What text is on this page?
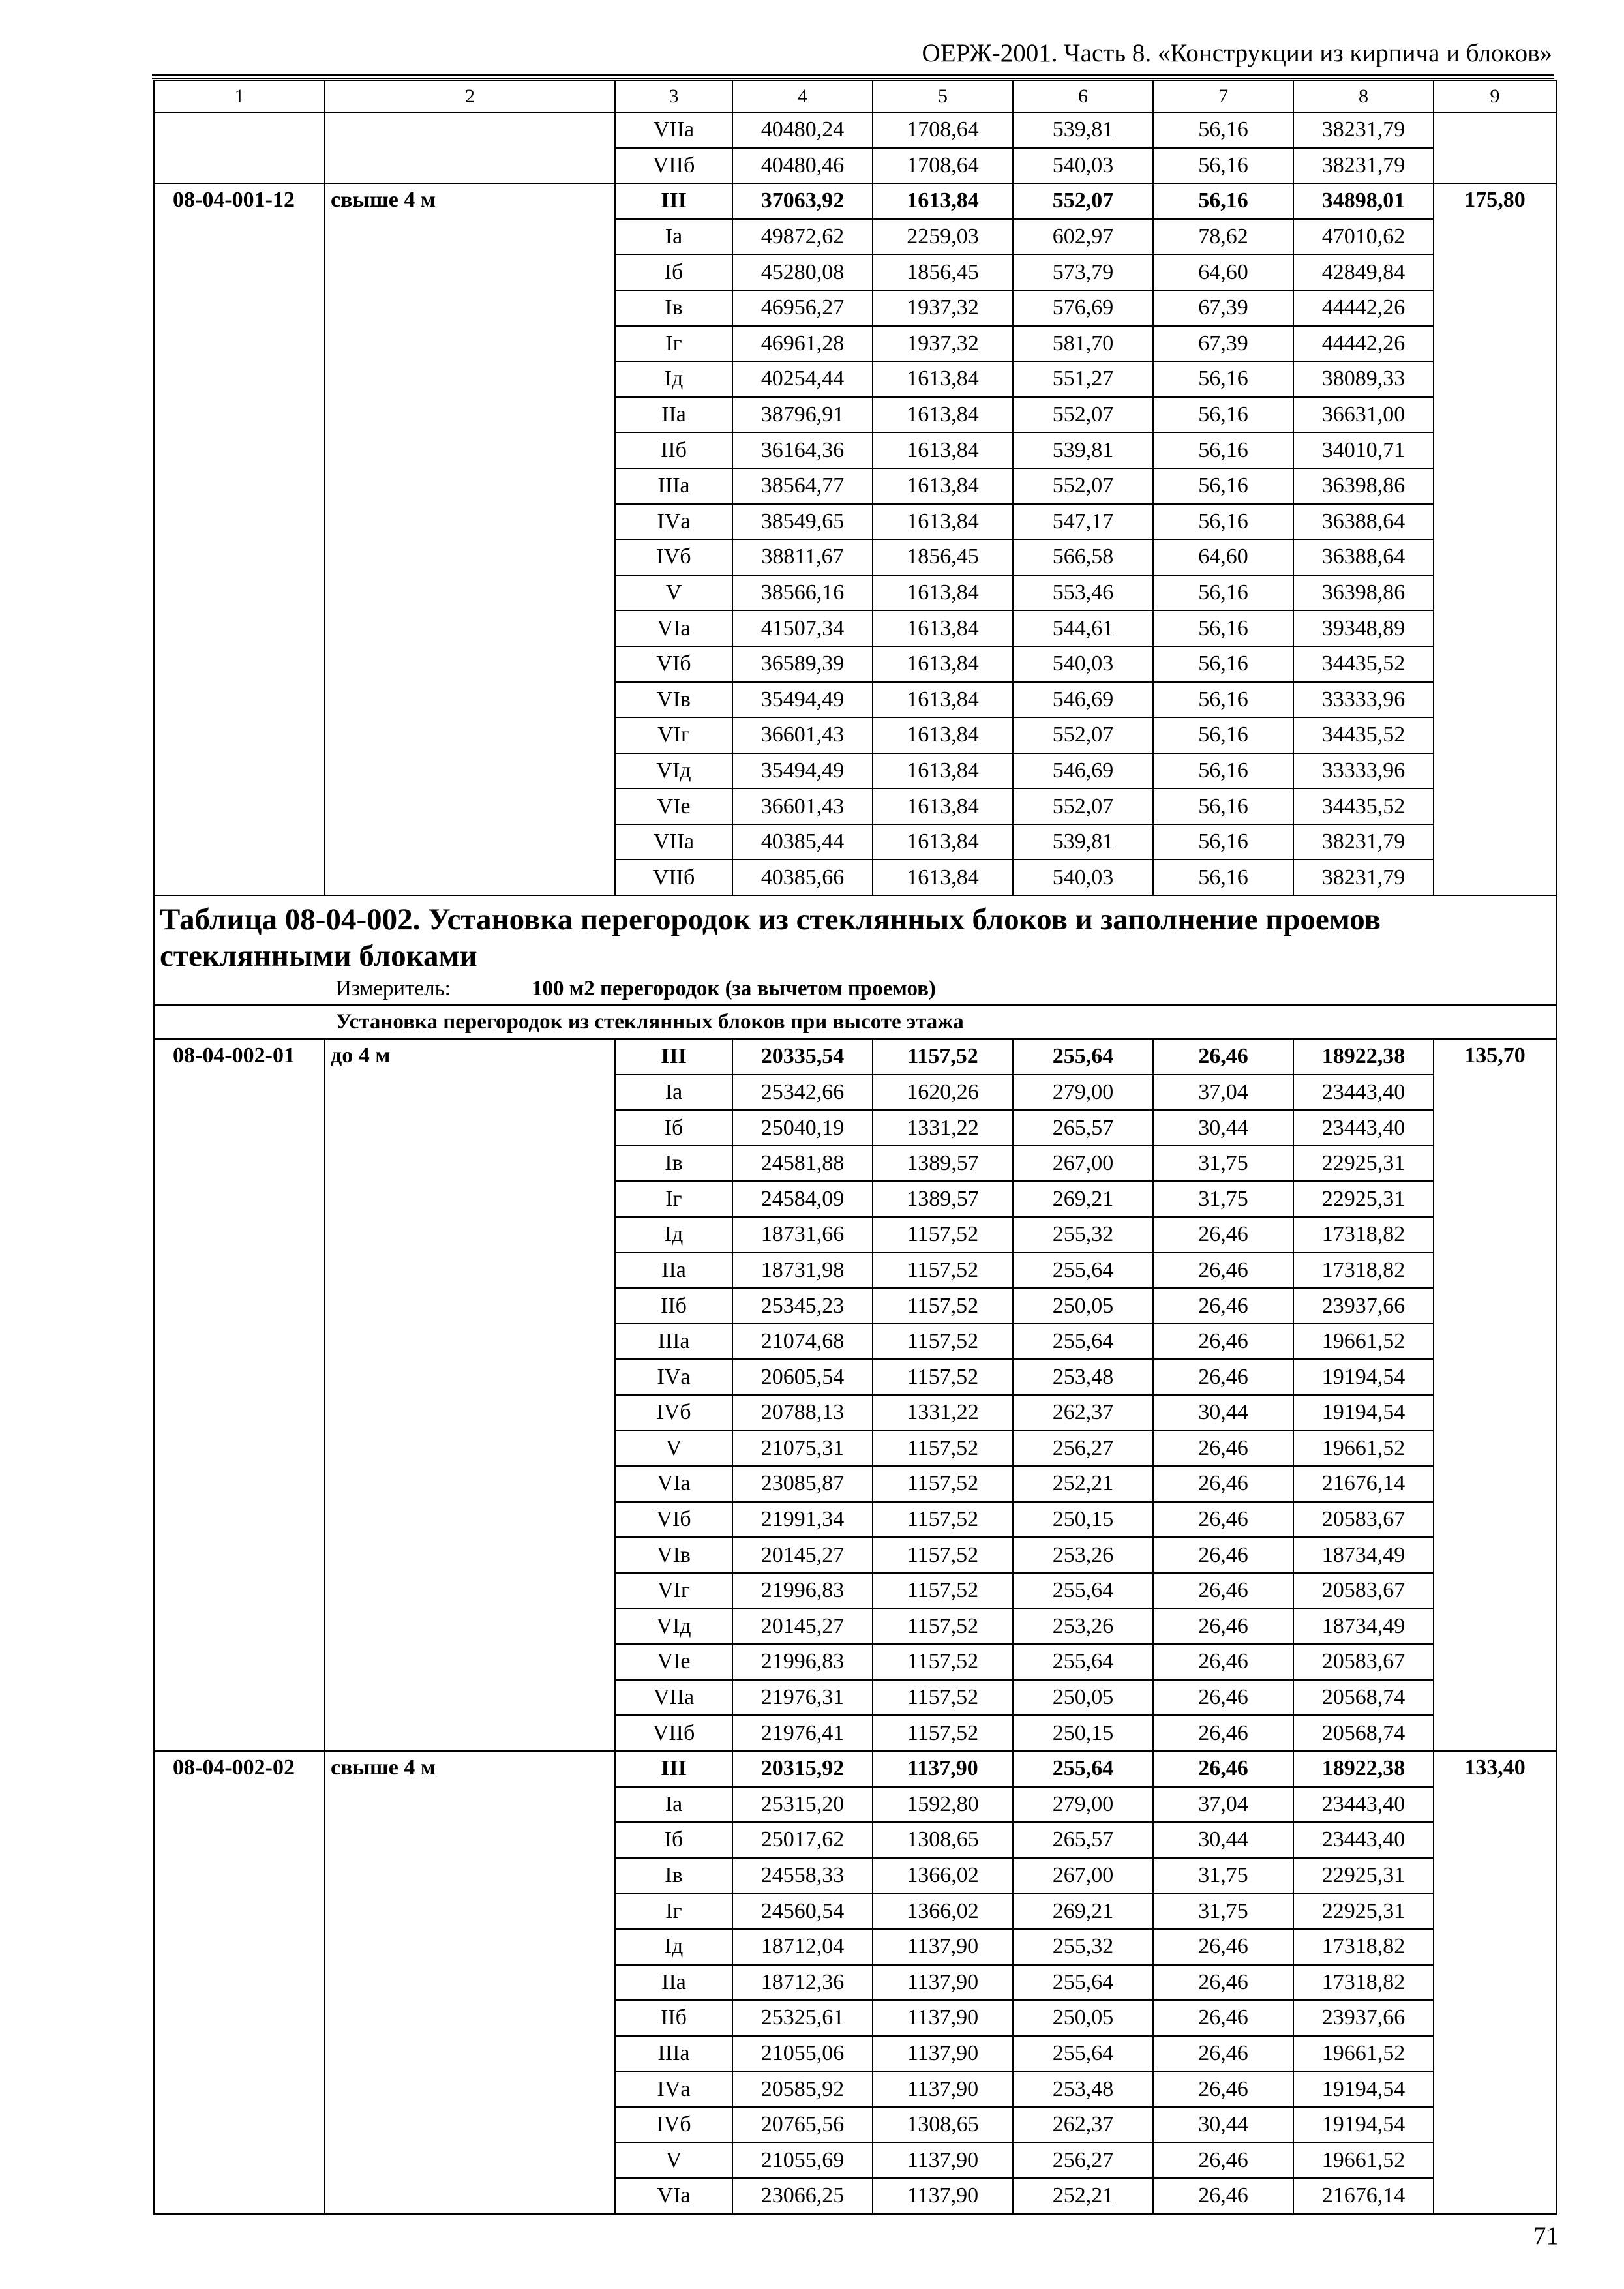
ОЕРЖ-2001. Часть 8. «Конструкции из кирпича и блоков»
1	2	3	4	5	6	7	8	9
		VIIа	40480,24	1708,64	539,81	56,16	38231,79	
		VIIб	40480,46	1708,64	540,03	56,16	38231,79	
08-04-001-12	свыше 4 м	III	37063,92	1613,84	552,07	56,16	34898,01	175,80
		Iа	49872,62	2259,03	602,97	78,62	47010,62	
		Iб	45280,08	1856,45	573,79	64,60	42849,84	
		Iв	46956,27	1937,32	576,69	67,39	44442,26	
		Iг	46961,28	1937,32	581,70	67,39	44442,26	
		Iд	40254,44	1613,84	551,27	56,16	38089,33	
		IIа	38796,91	1613,84	552,07	56,16	36631,00	
		IIб	36164,36	1613,84	539,81	56,16	34010,71	
		IIIа	38564,77	1613,84	552,07	56,16	36398,86	
		IVа	38549,65	1613,84	547,17	56,16	36388,64	
		IVб	38811,67	1856,45	566,58	64,60	36388,64	
		V	38566,16	1613,84	553,46	56,16	36398,86	
		VIа	41507,34	1613,84	544,61	56,16	39348,89	
		VIб	36589,39	1613,84	540,03	56,16	34435,52	
		VIв	35494,49	1613,84	546,69	56,16	33333,96	
		VIг	36601,43	1613,84	552,07	56,16	34435,52	
		VIд	35494,49	1613,84	546,69	56,16	33333,96	
		VIе	36601,43	1613,84	552,07	56,16	34435,52	
		VIIа	40385,44	1613,84	539,81	56,16	38231,79	
		VIIб	40385,66	1613,84	540,03	56,16	38231,79	

Таблица 08-04-002. Установка перегородок из стеклянных блоков и заполнение проемов стеклянными блоками
Измеритель: 100 м2 перегородок (за вычетом проемов)								

Установка перегородок из стеклянных блоков при высоте этажа								
08-04-002-01	до 4 м	III	20335,54	1157,52	255,64	26,46	18922,38	135,70
		Iа	25342,66	1620,26	279,00	37,04	23443,40	
		Iб	25040,19	1331,22	265,57	30,44	23443,40	
		Iв	24581,88	1389,57	267,00	31,75	22925,31	
		Iг	24584,09	1389,57	269,21	31,75	22925,31	
		Iд	18731,66	1157,52	255,32	26,46	17318,82	
		IIа	18731,98	1157,52	255,64	26,46	17318,82	
		IIб	25345,23	1157,52	250,05	26,46	23937,66	
		IIIа	21074,68	1157,52	255,64	26,46	19661,52	
		IVа	20605,54	1157,52	253,48	26,46	19194,54	
		IVб	20788,13	1331,22	262,37	30,44	19194,54	
		V	21075,31	1157,52	256,27	26,46	19661,52	
		VIа	23085,87	1157,52	252,21	26,46	21676,14	
		VIб	21991,34	1157,52	250,15	26,46	20583,67	
		VIв	20145,27	1157,52	253,26	26,46	18734,49	
		VIг	21996,83	1157,52	255,64	26,46	20583,67	
		VIд	20145,27	1157,52	253,26	26,46	18734,49	
		VIе	21996,83	1157,52	255,64	26,46	20583,67	
		VIIа	21976,31	1157,52	250,05	26,46	20568,74	
		VIIб	21976,41	1157,52	250,15	26,46	20568,74	
08-04-002-02	свыше 4 м	III	20315,92	1137,90	255,64	26,46	18922,38	133,40
		Iа	25315,20	1592,80	279,00	37,04	23443,40	
		Iб	25017,62	1308,65	265,57	30,44	23443,40	
		Iв	24558,33	1366,02	267,00	31,75	22925,31	
		Iг	24560,54	1366,02	269,21	31,75	22925,31	
		Iд	18712,04	1137,90	255,32	26,46	17318,82	
		IIа	18712,36	1137,90	255,64	26,46	17318,82	
		IIб	25325,61	1137,90	250,05	26,46	23937,66	
		IIIа	21055,06	1137,90	255,64	26,46	19661,52	
		IVа	20585,92	1137,90	253,48	26,46	19194,54	
		IVб	20765,56	1308,65	262,37	30,44	19194,54	
		V	21055,69	1137,90	256,27	26,46	19661,52	
		VIа	23066,25	1137,90	252,21	26,46	21676,14	
71
